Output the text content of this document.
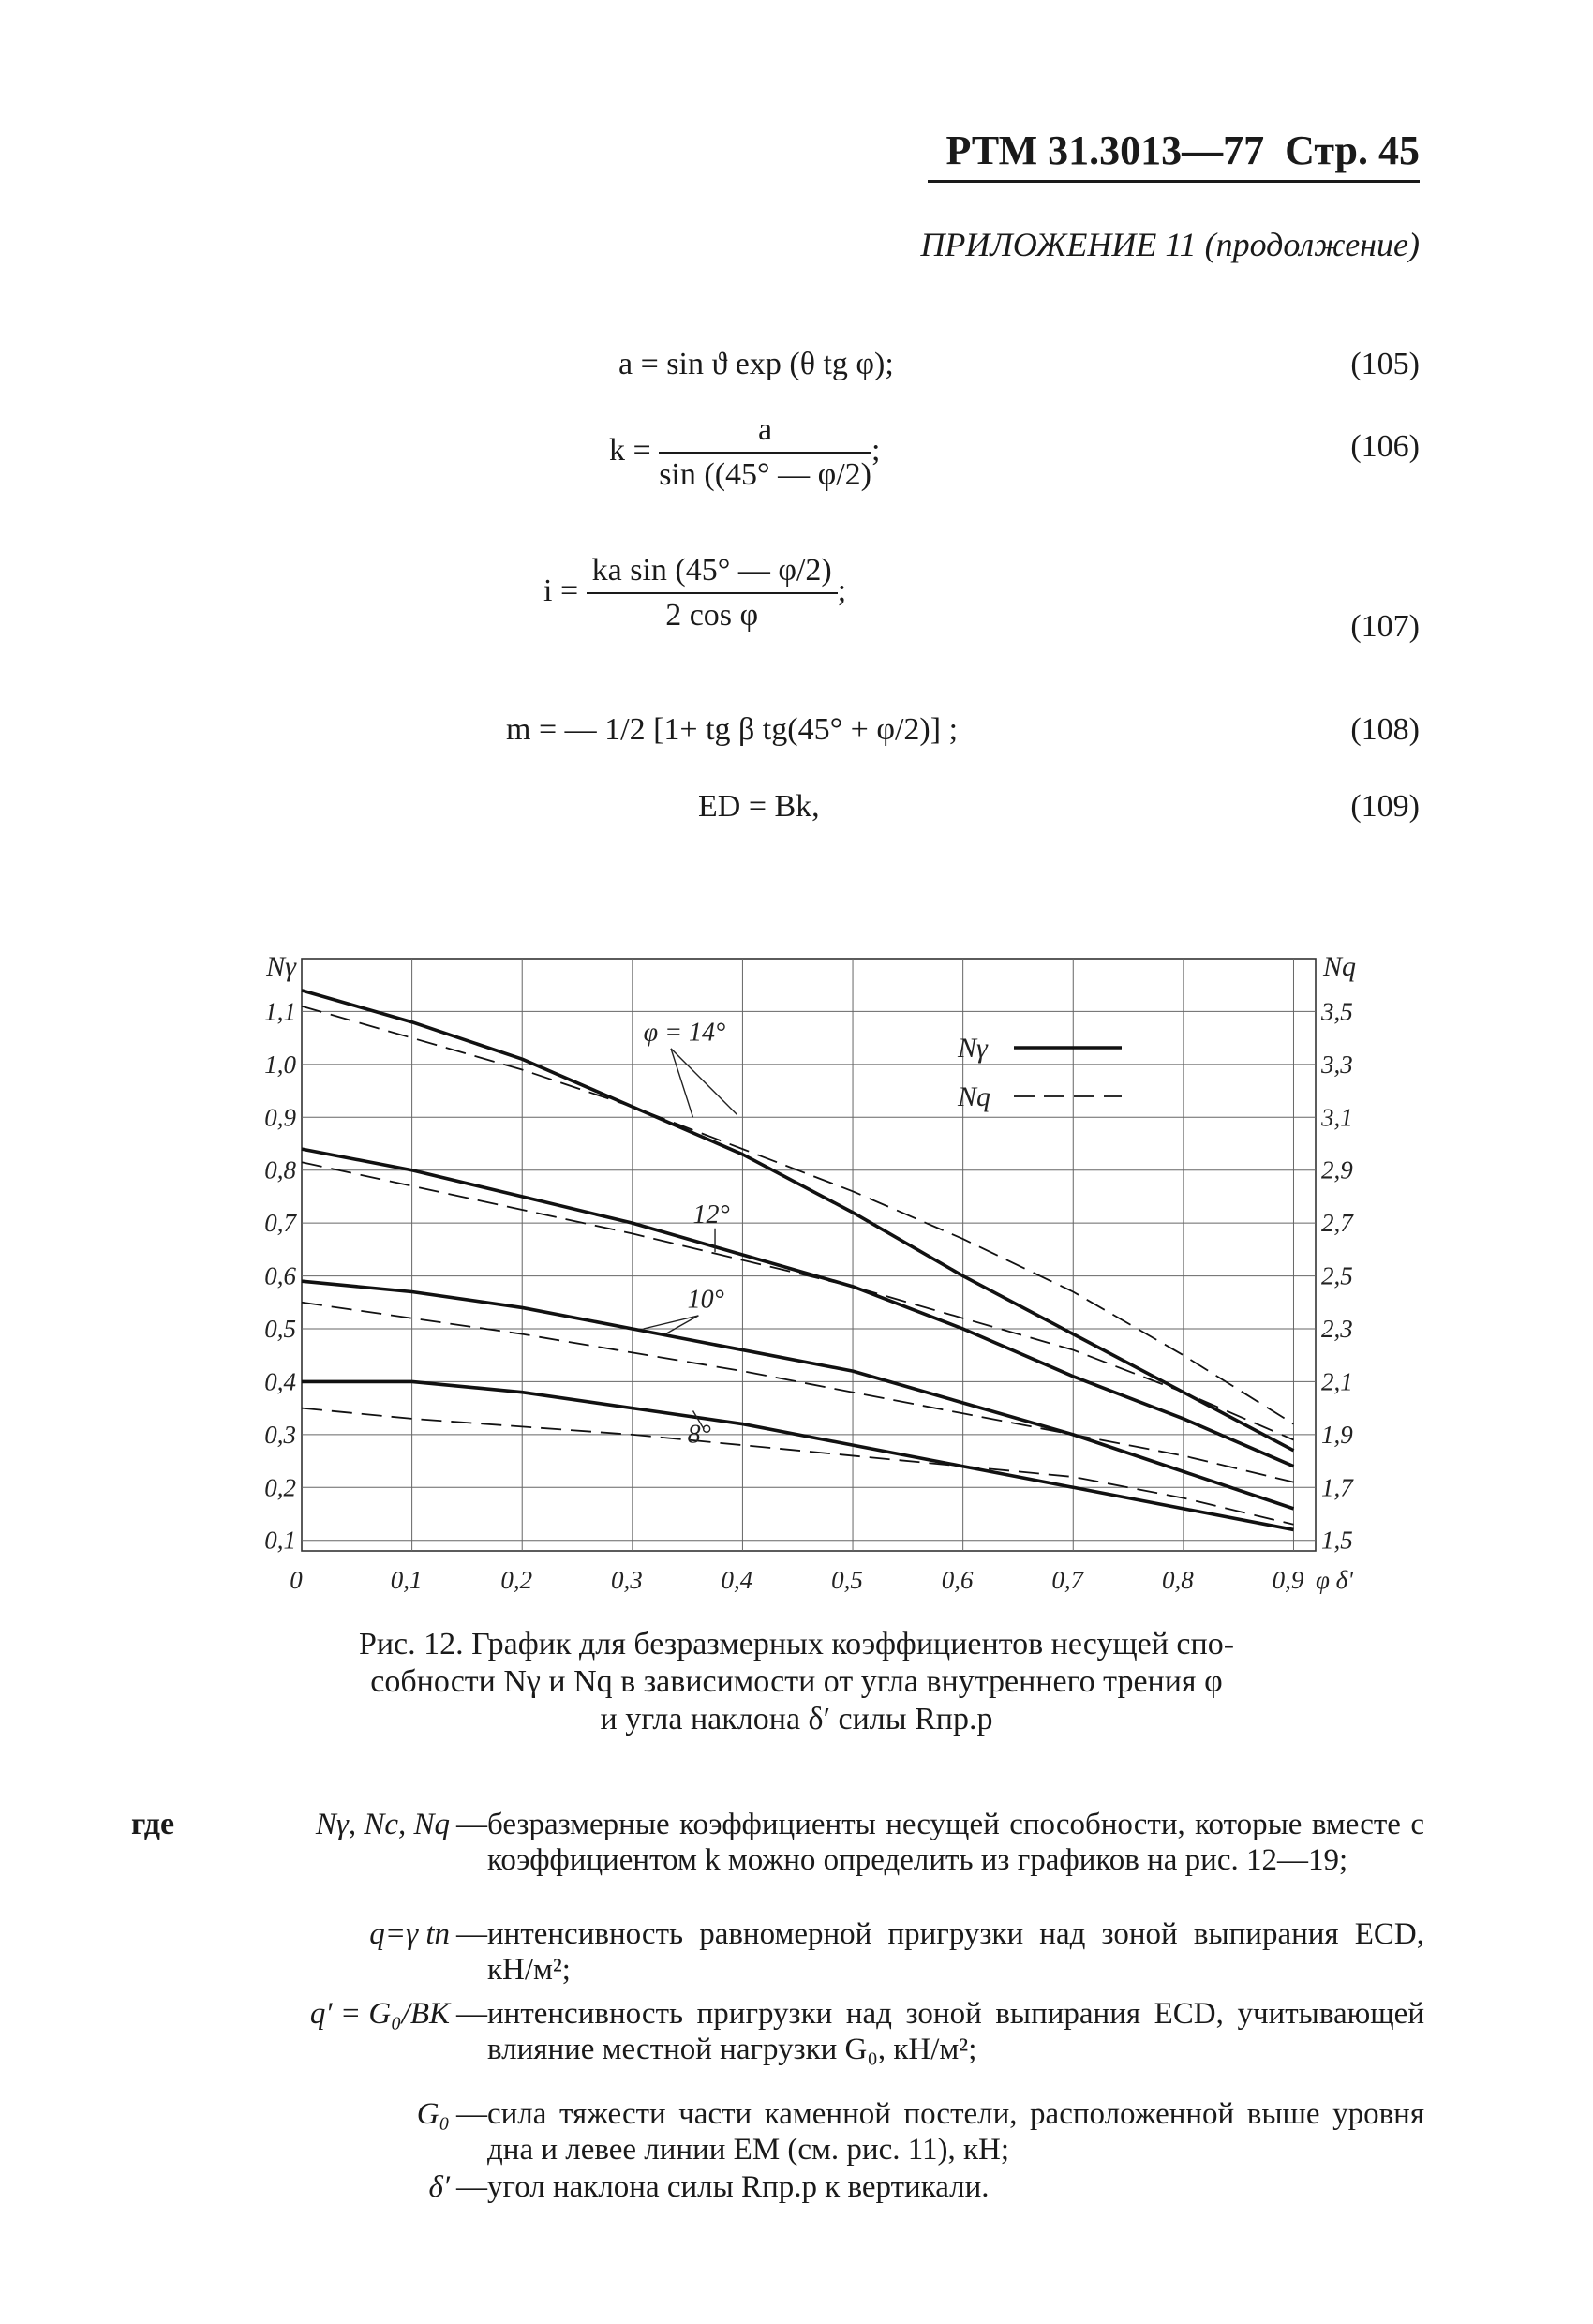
РТМ 31.3013—77 Стр. 45
ПРИЛОЖЕНИЕ 11 (продолжение)
a = sin ϑ exp (θ tg φ);	(105)
$k = \frac{a}{\sin ((45^\circ — \varphi/2)}$ ;	(106)
$i = \frac{\text{ka sin (45° — φ/2)}}{\text{2 cos φ}}$ ;
(107)
m = — 1/2 [1+ tg β tg(45° + φ/2)] ;	(108)
ED = Bk,	(109)
0	0,1	0,2	0,3	0,4	0,5	0,6	0,7	0,8	0,9 φ δ'
1,1
1,0
0,9
0,8
0,7
0,6
0,5
0,4
0,3
0,2
0,1
Nγ
3,5
3,3
3,1
2,9
2,7
2,5
2,3
2,1
1,9
1,7
1,5
Nq
Nγ
Nq
φ = 14°
12°
10°
8°
Рис. 12. График для безразмерных коэффициентов несущей спо-
собности Nγ и Nq в зависимости от угла внутреннего трения φ
и угла наклона δ′ силы Rпр.р
где	Nγ, Nc, Nq — безразмерные коэффициенты несущей способности, которые вместе с коэффициентом k можно определить из графиков на рис. 12—19;
q=γ tп — интенсивность равномерной пригрузки над зоной выпирания ECD, кН/м²;
q′ = G₀/BK — интенсивность пригрузки над зоной выпирания ECD, учитывающей влияние местной нагрузки G₀, кН/м²;
G₀ — сила тяжести части каменной постели, расположенной выше уровня дна и левее линии EM (см. рис. 11), кН;
δ′ — угол наклона силы Rпр.р к вертикали.
